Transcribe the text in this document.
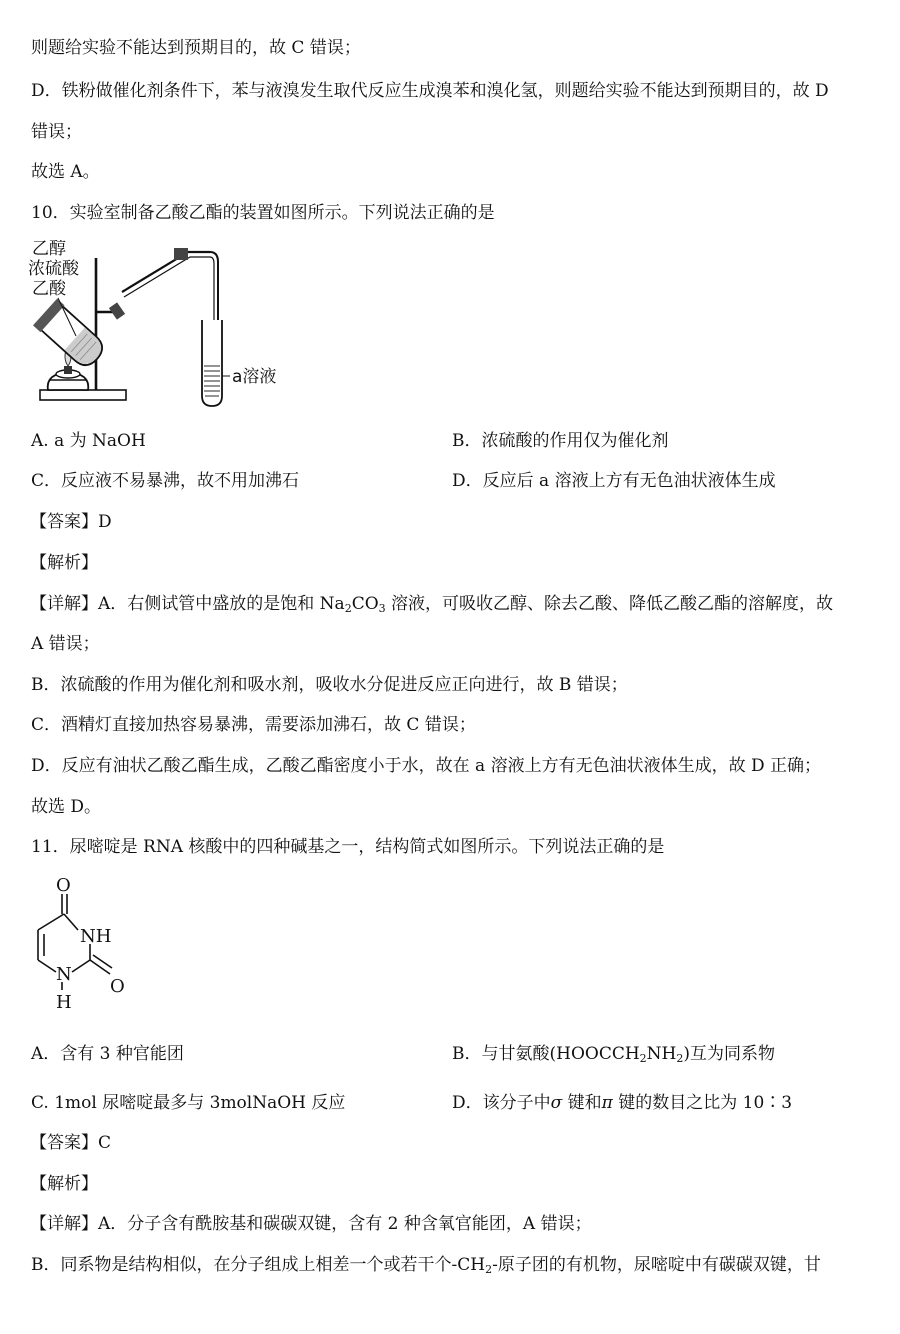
则题给实验不能达到预期目的，故 C 错误；
D．铁粉做催化剂条件下，苯与液溴发生取代反应生成溴苯和溴化氢，则题给实验不能达到预期目的，故 D
错误；
故选 A。
10．实验室制备乙酸乙酯的装置如图所示。下列说法正确的是
乙醇
浓硫酸
乙酸
a溶液
A. a 为 NaOH	B．浓硫酸的作用仅为催化剂
C．反应液不易暴沸，故不用加沸石	D．反应后 a 溶液上方有无色油状液体生成
【答案】D
【解析】
【详解】A．右侧试管中盛放的是饱和 $Na_2CO_3$ 溶液，可吸收乙醇、除去乙酸、降低乙酸乙酯的溶解度，故
A 错误；
B．浓硫酸的作用为催化剂和吸水剂，吸收水分促进反应正向进行，故 B 错误；
C．酒精灯直接加热容易暴沸，需要添加沸石，故 C 错误；
D．反应有油状乙酸乙酯生成，乙酸乙酯密度小于水，故在 a 溶液上方有无色油状液体生成，故 D 正确；
故选 D。
11．尿嘧啶是 RNA 核酸中的四种碱基之一，结构简式如图所示。下列说法正确的是
O
NH
N
H
O
A．含有 3 种官能团	B．与甘氨酸$(HOOCCH_2NH_2)$互为同系物
C. 1mol 尿嘧啶最多与 3molNaOH 反应	D．该分子中σ 键和π 键的数目之比为 10∶3
【答案】C
【解析】
【详解】A．分子含有酰胺基和碳碳双键，含有 2 种含氧官能团，A 错误；
B．同系物是结构相似，在分子组成上相差一个或若干个$-CH_2-$原子团的有机物，尿嘧啶中有碳碳双键，甘
